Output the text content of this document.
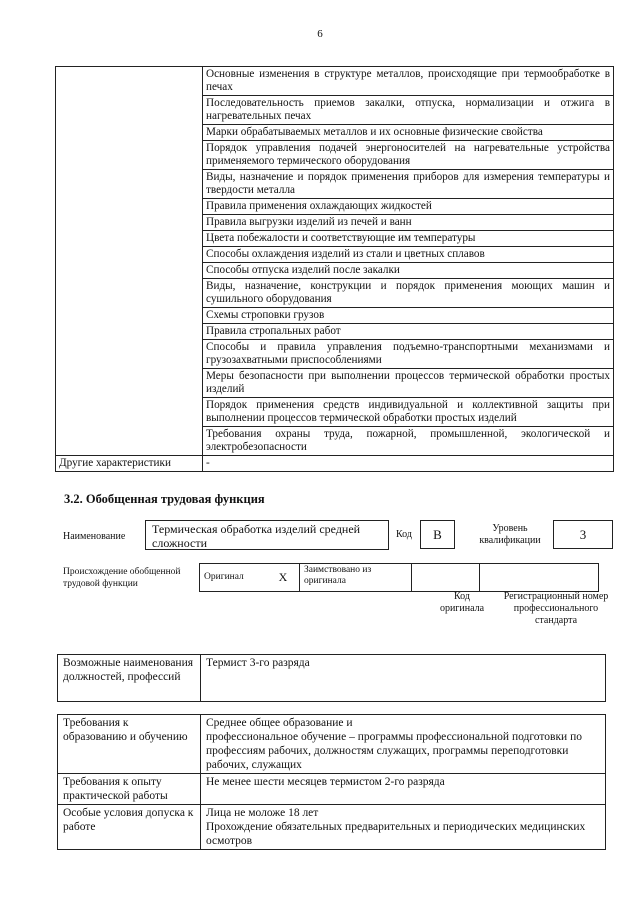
6
	Основные изменения в структуре металлов, происходящие при термообработке в печах
	Последовательность приемов закалки, отпуска, нормализации и отжига в нагревательных печах
	Марки обрабатываемых металлов и их основные физические свойства
	Порядок управления подачей энергоносителей на нагревательные устройства применяемого термического оборудования
	Виды, назначение и порядок применения приборов для измерения температуры и твердости металла
	Правила применения охлаждающих жидкостей
	Правила выгрузки изделий из печей и ванн
	Цвета побежалости и соответствующие им температуры
	Способы охлаждения изделий из стали и цветных сплавов
	Способы отпуска изделий после закалки
	Виды, назначение, конструкции и порядок применения моющих машин и сушильного оборудования
	Схемы строповки грузов
	Правила стропальных работ
	Способы и правила управления подъемно-транспортными механизмами и грузозахватными приспособлениями
	Меры безопасности при выполнении процессов термической обработки простых изделий
	Порядок применения средств индивидуальной и коллективной защиты при выполнении процессов термической обработки простых изделий
	Требования охраны труда, пожарной, промышленной, экологической и электробезопасности
Другие характеристики	-
3.2. Обобщенная трудовая функция
Наименование
Термическая обработка изделий средней сложности
Код	В	Уровень квалификации	3
Происхождение обобщенной трудовой функции
Оригинал	X	Заимствовано из оригинала		
Код оригинала
Регистрационный номер профессионального стандарта
Возможные наименования должностей, профессий	Термист 3-го разряда
Требования к образованию и обучению	Среднее общее образование и
профессиональное обучение – программы профессиональной подготовки по профессиям рабочих, должностям служащих, программы переподготовки рабочих, служащих

Требования к опыту практической работы	Не менее шести месяцев термистом 2-го разряда
Особые условия допуска к работе	Лица не моложе 18 лет
Прохождение обязательных предварительных и периодических медицинских осмотров
